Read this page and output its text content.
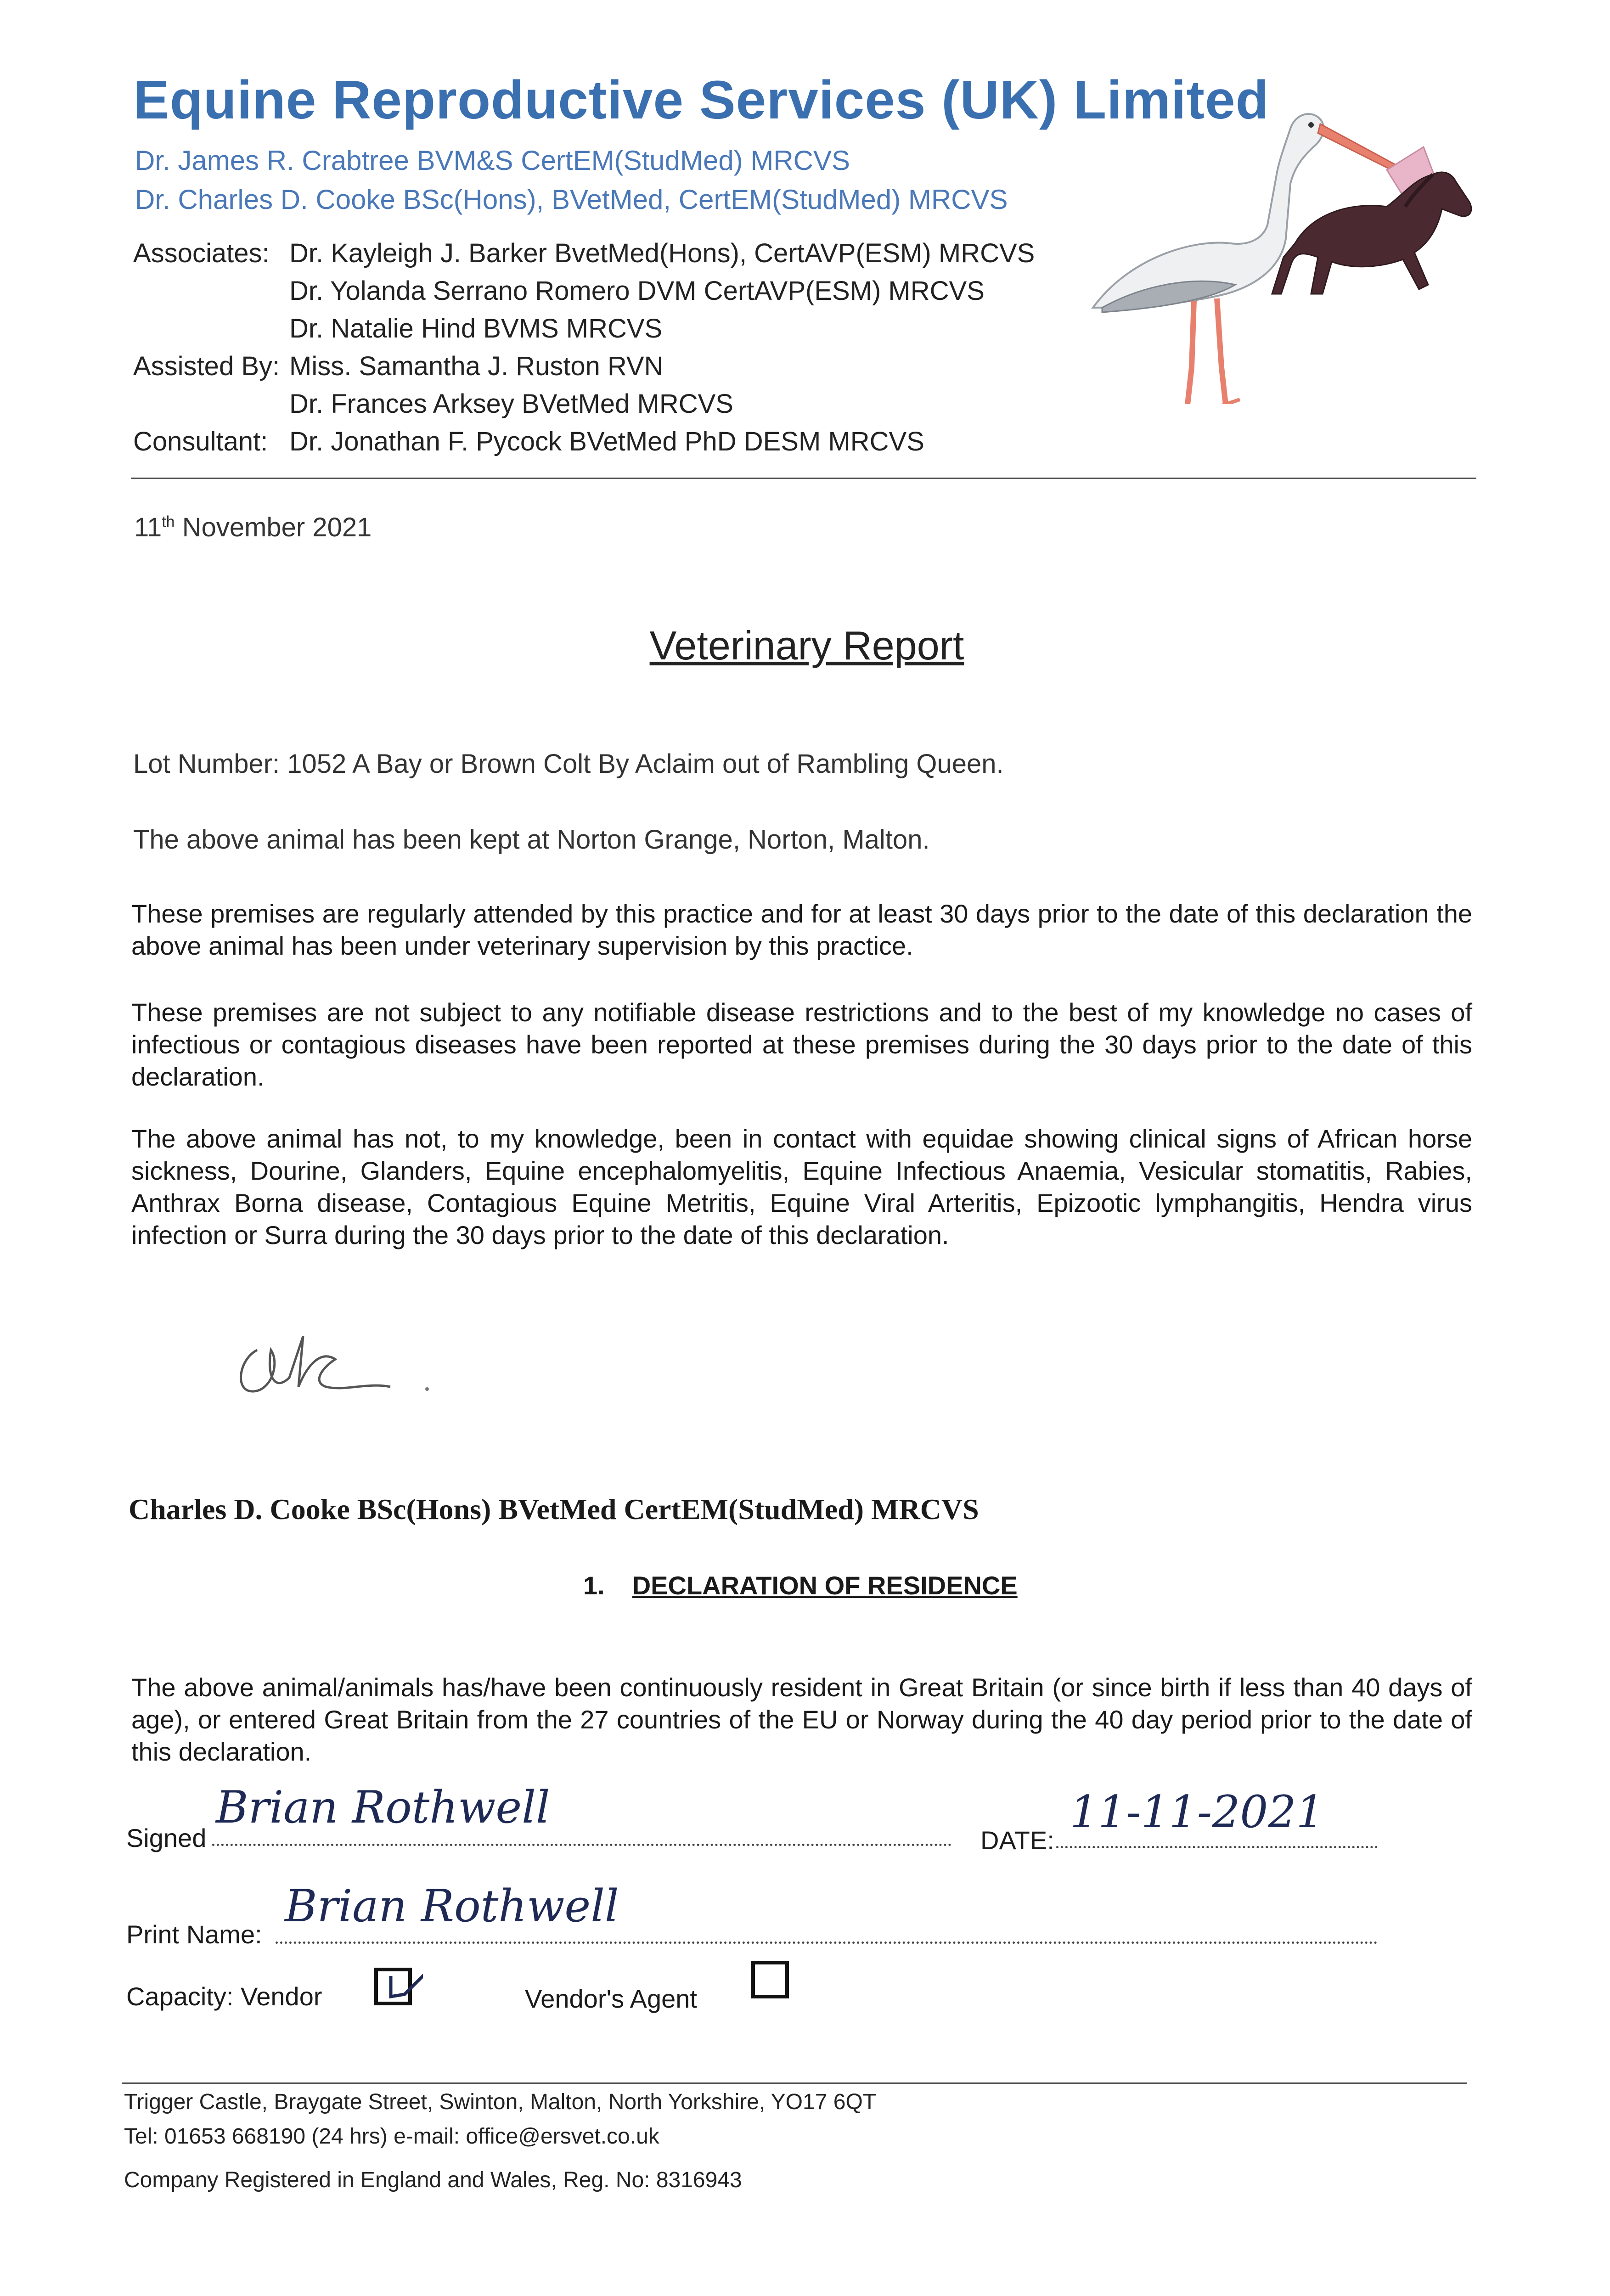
Equine Reproductive Services (UK) Limited
Dr. James R. Crabtree BVM&S CertEM(StudMed) MRCVS
Dr. Charles D. Cooke BSc(Hons), BVetMed, CertEM(StudMed) MRCVS
Associates: Dr. Kayleigh J. Barker BvetMed(Hons), CertAVP(ESM) MRCVS
Dr. Yolanda Serrano Romero DVM CertAVP(ESM) MRCVS
Dr. Natalie Hind BVMS MRCVS
Assisted By: Miss. Samantha J. Ruston RVN
Dr. Frances Arksey BVetMed MRCVS
Consultant: Dr. Jonathan F. Pycock BVetMed PhD DESM MRCVS
11th November 2021
Veterinary Report
Lot Number: 1052 A Bay or Brown Colt By Aclaim out of Rambling Queen.
The above animal has been kept at Norton Grange, Norton, Malton.
These premises are regularly attended by this practice and for at least 30 days prior to the date of this declaration the above animal has been under veterinary supervision by this practice.
These premises are not subject to any notifiable disease restrictions and to the best of my knowledge no cases of infectious or contagious diseases have been reported at these premises during the 30 days prior to the date of this declaration.
The above animal has not, to my knowledge, been in contact with equidae showing clinical signs of African horse sickness, Dourine, Glanders, Equine encephalomyelitis, Equine Infectious Anaemia, Vesicular stomatitis, Rabies, Anthrax Borna disease, Contagious Equine Metritis, Equine Viral Arteritis, Epizootic lymphangitis, Hendra virus infection or Surra during the 30 days prior to the date of this declaration.
Charles D. Cooke BSc(Hons) BVetMed CertEM(StudMed) MRCVS
1. DECLARATION OF RESIDENCE
The above animal/animals has/have been continuously resident in Great Britain (or since birth if less than 40 days of age), or entered Great Britain from the 27 countries of the EU or Norway during the 40 day period prior to the date of this declaration.
Signed
Brian Rothwell
DATE:
11-11-2021
Print Name:
Brian Rothwell
Capacity: Vendor	Vendor's Agent
Trigger Castle, Braygate Street, Swinton, Malton, North Yorkshire, YO17 6QT
Tel: 01653 668190 (24 hrs) e-mail: office@ersvet.co.uk
Company Registered in England and Wales, Reg. No: 8316943
